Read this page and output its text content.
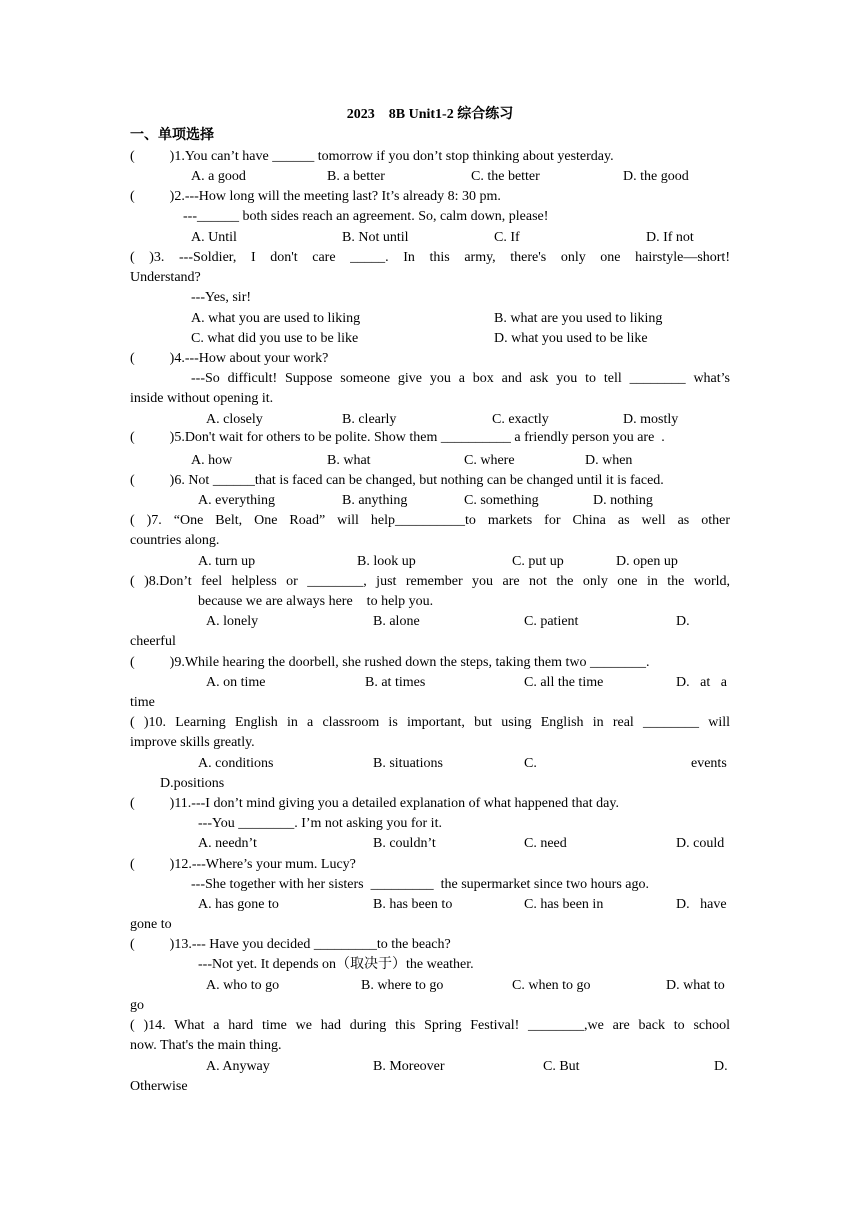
2023　8B Unit1-2 综合练习
一、单项选择
(          )1.You can’t have ______ tomorrow if you don’t stop thinking about yesterday.
A. a good	B. a better	C. the better	D. the good
(          )2.---How long will the meeting last? It’s already 8: 30 pm.
---______ both sides reach an agreement. So, calm down, please!
A. Until	B. Not until	C. If	D. If not
( )3. ---Soldier, I don't care _____. In this army, there's only one hairstyle—short!
Understand?
---Yes, sir!
A. what you are used to liking	B. what are you used to liking
C. what did you use to be like	D. what you used to be like
(          )4.---How about your work?
---So difficult! Suppose someone give you a box and ask you to tell ________ what’s
inside without opening it.
A. closely	B. clearly	C. exactly	D. mostly
(          )5.Don't wait for others to be polite. Show them __________ a friendly person you are  .
A. how	B. what	C. where	D. when
(          )6. Not ______that is faced can be changed, but nothing can be changed until it is faced.
A. everything	B. anything	C. something	D. nothing
( )7. “One Belt, One Road” will help__________to markets for China as well as other
countries along.
A. turn up	B. look up	C. put up	D. open up
( )8.Don’t feel helpless or ________, just remember you are not the only one in the world,
because we are always here    to help you.
A. lonely	B. alone	C. patient	D.
cheerful
(          )9.While hearing the doorbell, she rushed down the steps, taking them two ________.
A. on time	B. at times	C. all the time	D.   at   a
time
( )10. Learning English in a classroom is important, but using English in real ________ will
improve skills greatly.
A. conditions	B. situations	C.	events
D.positions
(          )11.---I don’t mind giving you a detailed explanation of what happened that day.
---You ________. I’m not asking you for it.
A. needn’t	B. couldn’t	C. need	D. could
(          )12.---Where’s your mum. Lucy?
---She together with her sisters  _________  the supermarket since two hours ago.
A. has gone to	B. has been to	C. has been in	D.   have
gone to
(          )13.--- Have you decided _________to the beach?
---Not yet. It depends on（取决于）the weather.
A. who to go	B. where to go	C. when to go	D. what to
go
( )14. What a hard time we had during this Spring Festival! ________,we are back to school
now. That's the main thing.
A. Anyway	B. Moreover	C. But	D.
Otherwise
